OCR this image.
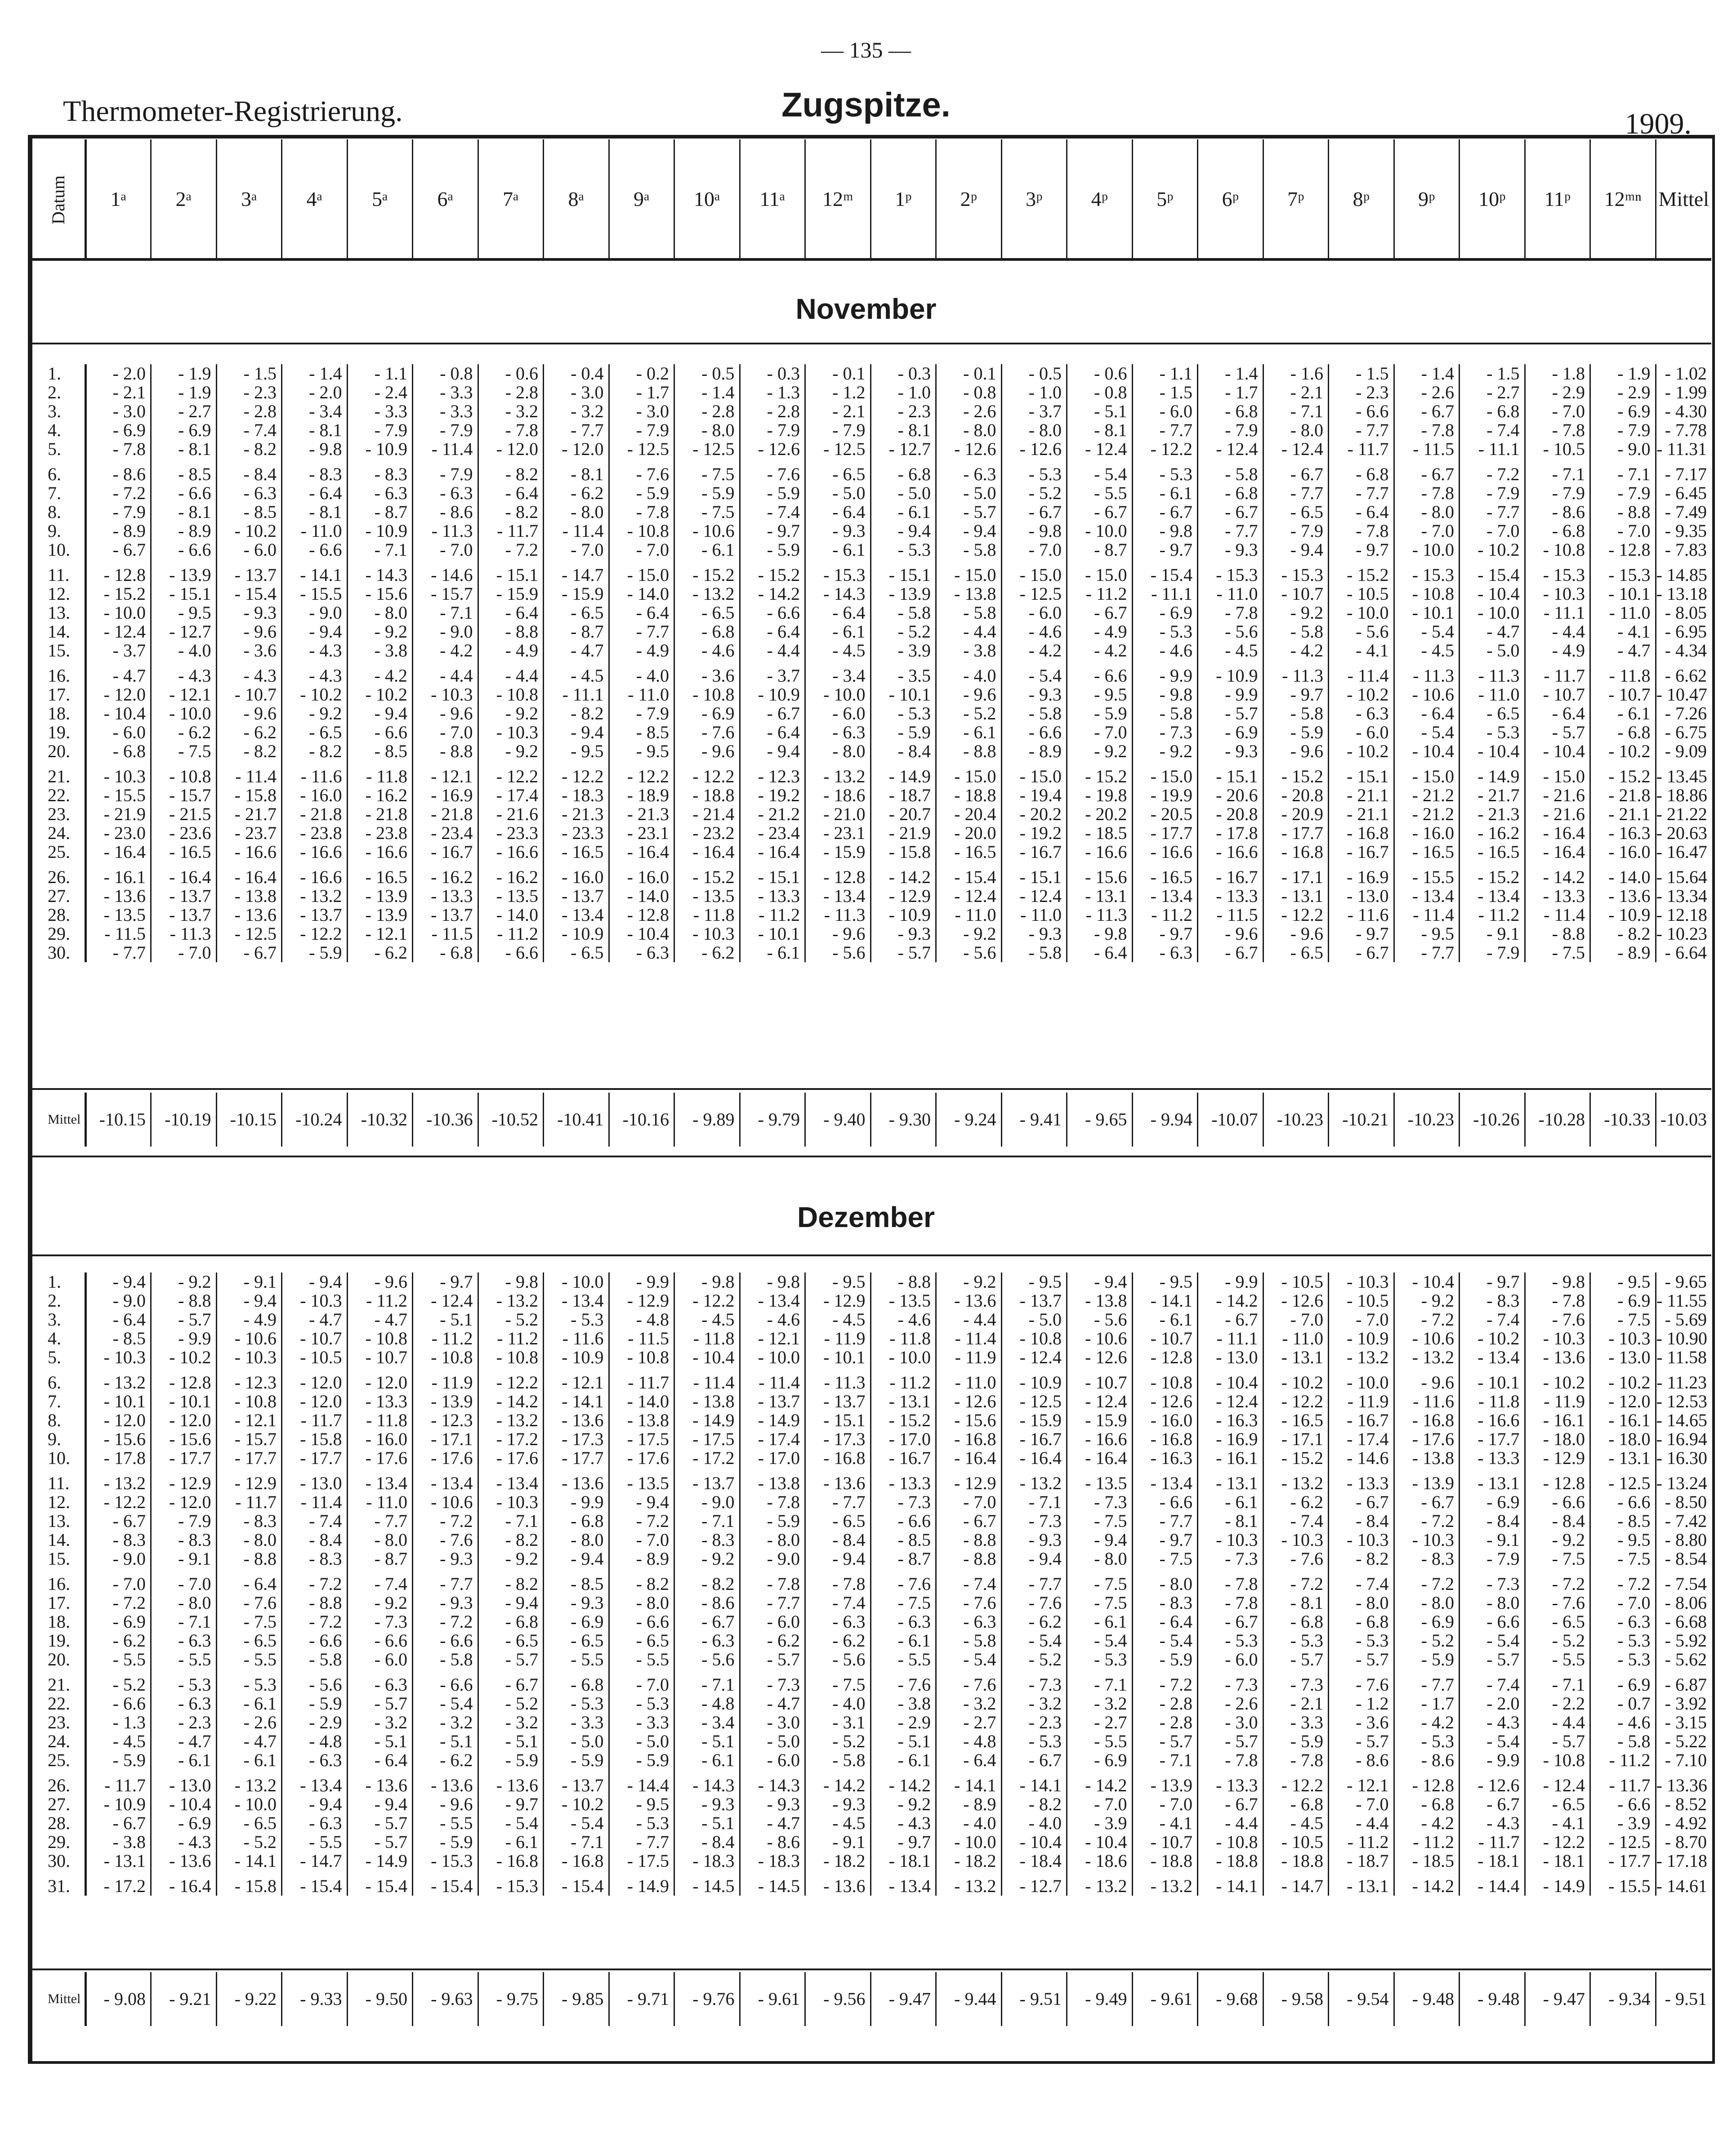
— 135 —
Thermometer-Registrierung.	Zugspitze.	1909.
Datum	1ᵃ	2ᵃ	3ᵃ	4ᵃ	5ᵃ	6ᵃ	7ᵃ	8ᵃ	9ᵃ	10ᵃ	11ᵃ	12ᵐ	1ᵖ	2ᵖ	3ᵖ	4ᵖ	5ᵖ	6ᵖ	7ᵖ	8ᵖ	9ᵖ	10ᵖ	11ᵖ	12ᵐⁿ	Mittel
November
1.	- 2.0	- 1.9	- 1.5	- 1.4	- 1.1	- 0.8	- 0.6	- 0.4	- 0.2	- 0.5	- 0.3	- 0.1	- 0.3	- 0.1	- 0.5	- 0.6	- 1.1	- 1.4	- 1.6	- 1.5	- 1.4	- 1.5	- 1.8	- 1.9	- 1.02
2.	- 2.1	- 1.9	- 2.3	- 2.0	- 2.4	- 3.3	- 2.8	- 3.0	- 1.7	- 1.4	- 1.3	- 1.2	- 1.0	- 0.8	- 1.0	- 0.8	- 1.5	- 1.7	- 2.1	- 2.3	- 2.6	- 2.7	- 2.9	- 2.9	- 1.99
3.	- 3.0	- 2.7	- 2.8	- 3.4	- 3.3	- 3.3	- 3.2	- 3.2	- 3.0	- 2.8	- 2.8	- 2.1	- 2.3	- 2.6	- 3.7	- 5.1	- 6.0	- 6.8	- 7.1	- 6.6	- 6.7	- 6.8	- 7.0	- 6.9	- 4.30
4.	- 6.9	- 6.9	- 7.4	- 8.1	- 7.9	- 7.9	- 7.8	- 7.7	- 7.9	- 8.0	- 7.9	- 7.9	- 8.1	- 8.0	- 8.0	- 8.1	- 7.7	- 7.9	- 8.0	- 7.7	- 7.8	- 7.4	- 7.8	- 7.9	- 7.78
5.	- 7.8	- 8.1	- 8.2	- 9.8	- 10.9	- 11.4	- 12.0	- 12.0	- 12.5	- 12.5	- 12.6	- 12.5	- 12.7	- 12.6	- 12.6	- 12.4	- 12.2	- 12.4	- 12.4	- 11.7	- 11.5	- 11.1	- 10.5	- 9.0	- 11.31
6.	- 8.6	- 8.5	- 8.4	- 8.3	- 8.3	- 7.9	- 8.2	- 8.1	- 7.6	- 7.5	- 7.6	- 6.5	- 6.8	- 6.3	- 5.3	- 5.4	- 5.3	- 5.8	- 6.7	- 6.8	- 6.7	- 7.2	- 7.1	- 7.1	- 7.17
7.	- 7.2	- 6.6	- 6.3	- 6.4	- 6.3	- 6.3	- 6.4	- 6.2	- 5.9	- 5.9	- 5.9	- 5.0	- 5.0	- 5.0	- 5.2	- 5.5	- 6.1	- 6.8	- 7.7	- 7.7	- 7.8	- 7.9	- 7.9	- 7.9	- 6.45
8.	- 7.9	- 8.1	- 8.5	- 8.1	- 8.7	- 8.6	- 8.2	- 8.0	- 7.8	- 7.5	- 7.4	- 6.4	- 6.1	- 5.7	- 6.7	- 6.7	- 6.7	- 6.7	- 6.5	- 6.4	- 8.0	- 7.7	- 8.6	- 8.8	- 7.49
9.	- 8.9	- 8.9	- 10.2	- 11.0	- 10.9	- 11.3	- 11.7	- 11.4	- 10.8	- 10.6	- 9.7	- 9.3	- 9.4	- 9.4	- 9.8	- 10.0	- 9.8	- 7.7	- 7.9	- 7.8	- 7.0	- 7.0	- 6.8	- 7.0	- 9.35
10.	- 6.7	- 6.6	- 6.0	- 6.6	- 7.1	- 7.0	- 7.2	- 7.0	- 7.0	- 6.1	- 5.9	- 6.1	- 5.3	- 5.8	- 7.0	- 8.7	- 9.7	- 9.3	- 9.4	- 9.7	- 10.0	- 10.2	- 10.8	- 12.8	- 7.83
11.	- 12.8	- 13.9	- 13.7	- 14.1	- 14.3	- 14.6	- 15.1	- 14.7	- 15.0	- 15.2	- 15.2	- 15.3	- 15.1	- 15.0	- 15.0	- 15.0	- 15.4	- 15.3	- 15.3	- 15.2	- 15.3	- 15.4	- 15.3	- 15.3	- 14.85
12.	- 15.2	- 15.1	- 15.4	- 15.5	- 15.6	- 15.7	- 15.9	- 15.9	- 14.0	- 13.2	- 14.2	- 14.3	- 13.9	- 13.8	- 12.5	- 11.2	- 11.1	- 11.0	- 10.7	- 10.5	- 10.8	- 10.4	- 10.3	- 10.1	- 13.18
13.	- 10.0	- 9.5	- 9.3	- 9.0	- 8.0	- 7.1	- 6.4	- 6.5	- 6.4	- 6.5	- 6.6	- 6.4	- 5.8	- 5.8	- 6.0	- 6.7	- 6.9	- 7.8	- 9.2	- 10.0	- 10.1	- 10.0	- 11.1	- 11.0	- 8.05
14.	- 12.4	- 12.7	- 9.6	- 9.4	- 9.2	- 9.0	- 8.8	- 8.7	- 7.7	- 6.8	- 6.4	- 6.1	- 5.2	- 4.4	- 4.6	- 4.9	- 5.3	- 5.6	- 5.8	- 5.6	- 5.4	- 4.7	- 4.4	- 4.1	- 6.95
15.	- 3.7	- 4.0	- 3.6	- 4.3	- 3.8	- 4.2	- 4.9	- 4.7	- 4.9	- 4.6	- 4.4	- 4.5	- 3.9	- 3.8	- 4.2	- 4.2	- 4.6	- 4.5	- 4.2	- 4.1	- 4.5	- 5.0	- 4.9	- 4.7	- 4.34
16.	- 4.7	- 4.3	- 4.3	- 4.3	- 4.2	- 4.4	- 4.4	- 4.5	- 4.0	- 3.6	- 3.7	- 3.4	- 3.5	- 4.0	- 5.4	- 6.6	- 9.9	- 10.9	- 11.3	- 11.4	- 11.3	- 11.3	- 11.7	- 11.8	- 6.62
17.	- 12.0	- 12.1	- 10.7	- 10.2	- 10.2	- 10.3	- 10.8	- 11.1	- 11.0	- 10.8	- 10.9	- 10.0	- 10.1	- 9.6	- 9.3	- 9.5	- 9.8	- 9.9	- 9.7	- 10.2	- 10.6	- 11.0	- 10.7	- 10.7	- 10.47
18.	- 10.4	- 10.0	- 9.6	- 9.2	- 9.4	- 9.6	- 9.2	- 8.2	- 7.9	- 6.9	- 6.7	- 6.0	- 5.3	- 5.2	- 5.8	- 5.9	- 5.8	- 5.7	- 5.8	- 6.3	- 6.4	- 6.5	- 6.4	- 6.1	- 7.26
19.	- 6.0	- 6.2	- 6.2	- 6.5	- 6.6	- 7.0	- 10.3	- 9.4	- 8.5	- 7.6	- 6.4	- 6.3	- 5.9	- 6.1	- 6.6	- 7.0	- 7.3	- 6.9	- 5.9	- 6.0	- 5.4	- 5.3	- 5.7	- 6.8	- 6.75
20.	- 6.8	- 7.5	- 8.2	- 8.2	- 8.5	- 8.8	- 9.2	- 9.5	- 9.5	- 9.6	- 9.4	- 8.0	- 8.4	- 8.8	- 8.9	- 9.2	- 9.2	- 9.3	- 9.6	- 10.2	- 10.4	- 10.4	- 10.4	- 10.2	- 9.09
21.	- 10.3	- 10.8	- 11.4	- 11.6	- 11.8	- 12.1	- 12.2	- 12.2	- 12.2	- 12.2	- 12.3	- 13.2	- 14.9	- 15.0	- 15.0	- 15.2	- 15.0	- 15.1	- 15.2	- 15.1	- 15.0	- 14.9	- 15.0	- 15.2	- 13.45
22.	- 15.5	- 15.7	- 15.8	- 16.0	- 16.2	- 16.9	- 17.4	- 18.3	- 18.9	- 18.8	- 19.2	- 18.6	- 18.7	- 18.8	- 19.4	- 19.8	- 19.9	- 20.6	- 20.8	- 21.1	- 21.2	- 21.7	- 21.6	- 21.8	- 18.86
23.	- 21.9	- 21.5	- 21.7	- 21.8	- 21.8	- 21.8	- 21.6	- 21.3	- 21.3	- 21.4	- 21.2	- 21.0	- 20.7	- 20.4	- 20.2	- 20.2	- 20.5	- 20.8	- 20.9	- 21.1	- 21.2	- 21.3	- 21.6	- 21.1	- 21.22
24.	- 23.0	- 23.6	- 23.7	- 23.8	- 23.8	- 23.4	- 23.3	- 23.3	- 23.1	- 23.2	- 23.4	- 23.1	- 21.9	- 20.0	- 19.2	- 18.5	- 17.7	- 17.8	- 17.7	- 16.8	- 16.0	- 16.2	- 16.4	- 16.3	- 20.63
25.	- 16.4	- 16.5	- 16.6	- 16.6	- 16.6	- 16.7	- 16.6	- 16.5	- 16.4	- 16.4	- 16.4	- 15.9	- 15.8	- 16.5	- 16.7	- 16.6	- 16.6	- 16.6	- 16.8	- 16.7	- 16.5	- 16.5	- 16.4	- 16.0	- 16.47
26.	- 16.1	- 16.4	- 16.4	- 16.6	- 16.5	- 16.2	- 16.2	- 16.0	- 16.0	- 15.2	- 15.1	- 12.8	- 14.2	- 15.4	- 15.1	- 15.6	- 16.5	- 16.7	- 17.1	- 16.9	- 15.5	- 15.2	- 14.2	- 14.0	- 15.64
27.	- 13.6	- 13.7	- 13.8	- 13.2	- 13.9	- 13.3	- 13.5	- 13.7	- 14.0	- 13.5	- 13.3	- 13.4	- 12.9	- 12.4	- 12.4	- 13.1	- 13.4	- 13.3	- 13.1	- 13.0	- 13.4	- 13.4	- 13.3	- 13.6	- 13.34
28.	- 13.5	- 13.7	- 13.6	- 13.7	- 13.9	- 13.7	- 14.0	- 13.4	- 12.8	- 11.8	- 11.2	- 11.3	- 10.9	- 11.0	- 11.0	- 11.3	- 11.2	- 11.5	- 12.2	- 11.6	- 11.4	- 11.2	- 11.4	- 10.9	- 12.18
29.	- 11.5	- 11.3	- 12.5	- 12.2	- 12.1	- 11.5	- 11.2	- 10.9	- 10.4	- 10.3	- 10.1	- 9.6	- 9.3	- 9.2	- 9.3	- 9.8	- 9.7	- 9.6	- 9.6	- 9.7	- 9.5	- 9.1	- 8.8	- 8.2	- 10.23
30.	- 7.7	- 7.0	- 6.7	- 5.9	- 6.2	- 6.8	- 6.6	- 6.5	- 6.3	- 6.2	- 6.1	- 5.6	- 5.7	- 5.6	- 5.8	- 6.4	- 6.3	- 6.7	- 6.5	- 6.7	- 7.7	- 7.9	- 7.5	- 8.9	- 6.64
Mittel	-10.15	-10.19	-10.15	-10.24	-10.32	-10.36	-10.52	-10.41	-10.16	- 9.89	- 9.79	- 9.40	- 9.30	- 9.24	- 9.41	- 9.65	- 9.94	-10.07	-10.23	-10.21	-10.23	-10.26	-10.28	-10.33	-10.03
Dezember
1.	- 9.4	- 9.2	- 9.1	- 9.4	- 9.6	- 9.7	- 9.8	- 10.0	- 9.9	- 9.8	- 9.8	- 9.5	- 8.8	- 9.2	- 9.5	- 9.4	- 9.5	- 9.9	- 10.5	- 10.3	- 10.4	- 9.7	- 9.8	- 9.5	- 9.65
2.	- 9.0	- 8.8	- 9.4	- 10.3	- 11.2	- 12.4	- 13.2	- 13.4	- 12.9	- 12.2	- 13.4	- 12.9	- 13.5	- 13.6	- 13.7	- 13.8	- 14.1	- 14.2	- 12.6	- 10.5	- 9.2	- 8.3	- 7.8	- 6.9	- 11.55
3.	- 6.4	- 5.7	- 4.9	- 4.7	- 4.7	- 5.1	- 5.2	- 5.3	- 4.8	- 4.5	- 4.6	- 4.5	- 4.6	- 4.4	- 5.0	- 5.6	- 6.1	- 6.7	- 7.0	- 7.0	- 7.2	- 7.4	- 7.6	- 7.5	- 5.69
4.	- 8.5	- 9.9	- 10.6	- 10.7	- 10.8	- 11.2	- 11.2	- 11.6	- 11.5	- 11.8	- 12.1	- 11.9	- 11.8	- 11.4	- 10.8	- 10.6	- 10.7	- 11.1	- 11.0	- 10.9	- 10.6	- 10.2	- 10.3	- 10.3	- 10.90
5.	- 10.3	- 10.2	- 10.3	- 10.5	- 10.7	- 10.8	- 10.8	- 10.9	- 10.8	- 10.4	- 10.0	- 10.1	- 10.0	- 11.9	- 12.4	- 12.6	- 12.8	- 13.0	- 13.1	- 13.2	- 13.2	- 13.4	- 13.6	- 13.0	- 11.58
6.	- 13.2	- 12.8	- 12.3	- 12.0	- 12.0	- 11.9	- 12.2	- 12.1	- 11.7	- 11.4	- 11.4	- 11.3	- 11.2	- 11.0	- 10.9	- 10.7	- 10.8	- 10.4	- 10.2	- 10.0	- 9.6	- 10.1	- 10.2	- 10.2	- 11.23
7.	- 10.1	- 10.1	- 10.8	- 12.0	- 13.3	- 13.9	- 14.2	- 14.1	- 14.0	- 13.8	- 13.7	- 13.7	- 13.1	- 12.6	- 12.5	- 12.4	- 12.6	- 12.4	- 12.2	- 11.9	- 11.6	- 11.8	- 11.9	- 12.0	- 12.53
8.	- 12.0	- 12.0	- 12.1	- 11.7	- 11.8	- 12.3	- 13.2	- 13.6	- 13.8	- 14.9	- 14.9	- 15.1	- 15.2	- 15.6	- 15.9	- 15.9	- 16.0	- 16.3	- 16.5	- 16.7	- 16.8	- 16.6	- 16.1	- 16.1	- 14.65
9.	- 15.6	- 15.6	- 15.7	- 15.8	- 16.0	- 17.1	- 17.2	- 17.3	- 17.5	- 17.5	- 17.4	- 17.3	- 17.0	- 16.8	- 16.7	- 16.6	- 16.8	- 16.9	- 17.1	- 17.4	- 17.6	- 17.7	- 18.0	- 18.0	- 16.94
10.	- 17.8	- 17.7	- 17.7	- 17.7	- 17.6	- 17.6	- 17.6	- 17.7	- 17.6	- 17.2	- 17.0	- 16.8	- 16.7	- 16.4	- 16.4	- 16.4	- 16.3	- 16.1	- 15.2	- 14.6	- 13.8	- 13.3	- 12.9	- 13.1	- 16.30
11.	- 13.2	- 12.9	- 12.9	- 13.0	- 13.4	- 13.4	- 13.4	- 13.6	- 13.5	- 13.7	- 13.8	- 13.6	- 13.3	- 12.9	- 13.2	- 13.5	- 13.4	- 13.1	- 13.2	- 13.3	- 13.9	- 13.1	- 12.8	- 12.5	- 13.24
12.	- 12.2	- 12.0	- 11.7	- 11.4	- 11.0	- 10.6	- 10.3	- 9.9	- 9.4	- 9.0	- 7.8	- 7.7	- 7.3	- 7.0	- 7.1	- 7.3	- 6.6	- 6.1	- 6.2	- 6.7	- 6.7	- 6.9	- 6.6	- 6.6	- 8.50
13.	- 6.7	- 7.9	- 8.3	- 7.4	- 7.7	- 7.2	- 7.1	- 6.8	- 7.2	- 7.1	- 5.9	- 6.5	- 6.6	- 6.7	- 7.3	- 7.5	- 7.7	- 8.1	- 7.4	- 8.4	- 7.2	- 8.4	- 8.4	- 8.5	- 7.42
14.	- 8.3	- 8.3	- 8.0	- 8.4	- 8.0	- 7.6	- 8.2	- 8.0	- 7.0	- 8.3	- 8.0	- 8.4	- 8.5	- 8.8	- 9.3	- 9.4	- 9.7	- 10.3	- 10.3	- 10.3	- 10.3	- 9.1	- 9.2	- 9.5	- 8.80
15.	- 9.0	- 9.1	- 8.8	- 8.3	- 8.7	- 9.3	- 9.2	- 9.4	- 8.9	- 9.2	- 9.0	- 9.4	- 8.7	- 8.8	- 9.4	- 8.0	- 7.5	- 7.3	- 7.6	- 8.2	- 8.3	- 7.9	- 7.5	- 7.5	- 8.54
16.	- 7.0	- 7.0	- 6.4	- 7.2	- 7.4	- 7.7	- 8.2	- 8.5	- 8.2	- 8.2	- 7.8	- 7.8	- 7.6	- 7.4	- 7.7	- 7.5	- 8.0	- 7.8	- 7.2	- 7.4	- 7.2	- 7.3	- 7.2	- 7.2	- 7.54
17.	- 7.2	- 8.0	- 7.6	- 8.8	- 9.2	- 9.3	- 9.4	- 9.3	- 8.0	- 8.6	- 7.7	- 7.4	- 7.5	- 7.6	- 7.6	- 7.5	- 8.3	- 7.8	- 8.1	- 8.0	- 8.0	- 8.0	- 7.6	- 7.0	- 8.06
18.	- 6.9	- 7.1	- 7.5	- 7.2	- 7.3	- 7.2	- 6.8	- 6.9	- 6.6	- 6.7	- 6.0	- 6.3	- 6.3	- 6.3	- 6.2	- 6.1	- 6.4	- 6.7	- 6.8	- 6.8	- 6.9	- 6.6	- 6.5	- 6.3	- 6.68
19.	- 6.2	- 6.3	- 6.5	- 6.6	- 6.6	- 6.6	- 6.5	- 6.5	- 6.5	- 6.3	- 6.2	- 6.2	- 6.1	- 5.8	- 5.4	- 5.4	- 5.4	- 5.3	- 5.3	- 5.3	- 5.2	- 5.4	- 5.2	- 5.3	- 5.92
20.	- 5.5	- 5.5	- 5.5	- 5.8	- 6.0	- 5.8	- 5.7	- 5.5	- 5.5	- 5.6	- 5.7	- 5.6	- 5.5	- 5.4	- 5.2	- 5.3	- 5.9	- 6.0	- 5.7	- 5.7	- 5.9	- 5.7	- 5.5	- 5.3	- 5.62
21.	- 5.2	- 5.3	- 5.3	- 5.6	- 6.3	- 6.6	- 6.7	- 6.8	- 7.0	- 7.1	- 7.3	- 7.5	- 7.6	- 7.6	- 7.3	- 7.1	- 7.2	- 7.3	- 7.3	- 7.6	- 7.7	- 7.4	- 7.1	- 6.9	- 6.87
22.	- 6.6	- 6.3	- 6.1	- 5.9	- 5.7	- 5.4	- 5.2	- 5.3	- 5.3	- 4.8	- 4.7	- 4.0	- 3.8	- 3.2	- 3.2	- 3.2	- 2.8	- 2.6	- 2.1	- 1.2	- 1.7	- 2.0	- 2.2	- 0.7	- 3.92
23.	- 1.3	- 2.3	- 2.6	- 2.9	- 3.2	- 3.2	- 3.2	- 3.3	- 3.3	- 3.4	- 3.0	- 3.1	- 2.9	- 2.7	- 2.3	- 2.7	- 2.8	- 3.0	- 3.3	- 3.6	- 4.2	- 4.3	- 4.4	- 4.6	- 3.15
24.	- 4.5	- 4.7	- 4.7	- 4.8	- 5.1	- 5.1	- 5.1	- 5.0	- 5.0	- 5.1	- 5.0	- 5.2	- 5.1	- 4.8	- 5.3	- 5.5	- 5.7	- 5.7	- 5.9	- 5.7	- 5.3	- 5.4	- 5.7	- 5.8	- 5.22
25.	- 5.9	- 6.1	- 6.1	- 6.3	- 6.4	- 6.2	- 5.9	- 5.9	- 5.9	- 6.1	- 6.0	- 5.8	- 6.1	- 6.4	- 6.7	- 6.9	- 7.1	- 7.8	- 7.8	- 8.6	- 8.6	- 9.9	- 10.8	- 11.2	- 7.10
26.	- 11.7	- 13.0	- 13.2	- 13.4	- 13.6	- 13.6	- 13.6	- 13.7	- 14.4	- 14.3	- 14.3	- 14.2	- 14.2	- 14.1	- 14.1	- 14.2	- 13.9	- 13.3	- 12.2	- 12.1	- 12.8	- 12.6	- 12.4	- 11.7	- 13.36
27.	- 10.9	- 10.4	- 10.0	- 9.4	- 9.4	- 9.6	- 9.7	- 10.2	- 9.5	- 9.3	- 9.3	- 9.3	- 9.2	- 8.9	- 8.2	- 7.0	- 7.0	- 6.7	- 6.8	- 7.0	- 6.8	- 6.7	- 6.5	- 6.6	- 8.52
28.	- 6.7	- 6.9	- 6.5	- 6.3	- 5.7	- 5.5	- 5.4	- 5.4	- 5.3	- 5.1	- 4.7	- 4.5	- 4.3	- 4.0	- 4.0	- 3.9	- 4.1	- 4.4	- 4.5	- 4.4	- 4.2	- 4.3	- 4.1	- 3.9	- 4.92
29.	- 3.8	- 4.3	- 5.2	- 5.5	- 5.7	- 5.9	- 6.1	- 7.1	- 7.7	- 8.4	- 8.6	- 9.1	- 9.7	- 10.0	- 10.4	- 10.4	- 10.7	- 10.8	- 10.5	- 11.2	- 11.2	- 11.7	- 12.2	- 12.5	- 8.70
30.	- 13.1	- 13.6	- 14.1	- 14.7	- 14.9	- 15.3	- 16.8	- 16.8	- 17.5	- 18.3	- 18.3	- 18.2	- 18.1	- 18.2	- 18.4	- 18.6	- 18.8	- 18.8	- 18.8	- 18.7	- 18.5	- 18.1	- 18.1	- 17.7	- 17.18
31.	- 17.2	- 16.4	- 15.8	- 15.4	- 15.4	- 15.4	- 15.3	- 15.4	- 14.9	- 14.5	- 14.5	- 13.6	- 13.4	- 13.2	- 12.7	- 13.2	- 13.2	- 14.1	- 14.7	- 13.1	- 14.2	- 14.4	- 14.9	- 15.5	- 14.61
Mittel	- 9.08	- 9.21	- 9.22	- 9.33	- 9.50	- 9.63	- 9.75	- 9.85	- 9.71	- 9.76	- 9.61	- 9.56	- 9.47	- 9.44	- 9.51	- 9.49	- 9.61	- 9.68	- 9.58	- 9.54	- 9.48	- 9.48	- 9.47	- 9.34	- 9.51
